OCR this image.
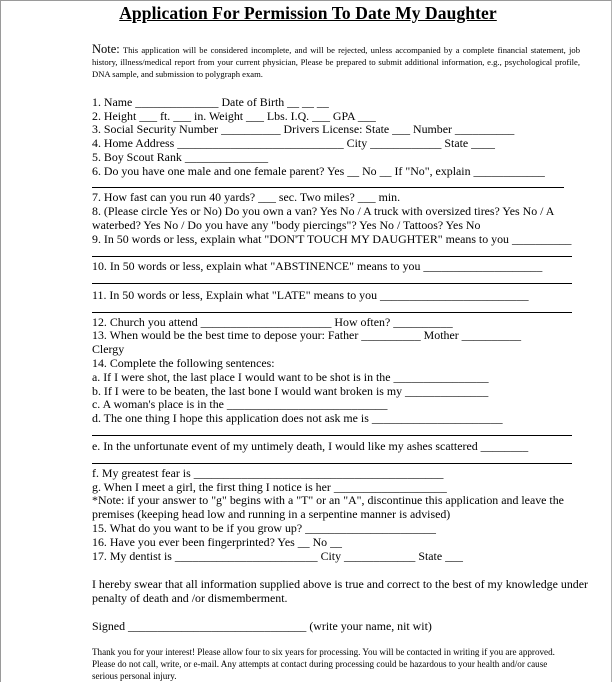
Application For Permission To Date My Daughter
Note: This application will be considered incomplete, and will be rejected, unless accompanied by a complete financial statement, job history, illness/medical report from your current physician, Please be prepared to submit additional information, e.g., psychological profile, DNA sample, and submission to polygraph exam.
1. Name ______________ Date of Birth __ __ __
2. Height ___ ft. ___ in. Weight ___ Lbs. I.Q. ___ GPA ___
3. Social Security Number __________ Drivers License: State ___ Number __________
4. Home Address ____________________________ City ____________ State ____
5. Boy Scout Rank ______________
6. Do you have one male and one female parent? Yes __ No __ If "No", explain ____________
7. How fast can you run 40 yards? ___ sec. Two miles? ___ min.
8. (Please circle Yes or No) Do you own a van? Yes No / A truck with oversized tires? Yes No / A
waterbed? Yes No / Do you have any "body piercings"? Yes No / Tattoos? Yes No
9. In 50 words or less, explain what "DON'T TOUCH MY DAUGHTER" means to you __________
10. In 50 words or less, explain what "ABSTINENCE" means to you ____________________
11. In 50 words or less, Explain what "LATE" means to you _________________________
12. Church you attend ______________________ How often? __________
13. When would be the best time to depose your: Father __________ Mother __________
Clergy
14. Complete the following sentences:
a. If I were shot, the last place I would want to be shot is in the ________________
b. If I were to be beaten, the last bone I would want broken is my ______________
c. A woman's place is in the ___________________________
d. The one thing I hope this application does not ask me is ______________________
e. In the unfortunate event of my untimely death, I would like my ashes scattered ________
f. My greatest fear is __________________________________________
g. When I meet a girl, the first thing I notice is her ___________________
*Note: if your answer to "g" begins with a "T" or an "A", discontinue this application and leave the
premises (keeping head low and running in a serpentine manner is advised)
15. What do you want to be if you grow up? ______________________
16. Have you ever been fingerprinted? Yes __ No __
17. My dentist is ________________________ City ____________ State ___
I hereby swear that all information supplied above is true and correct to the best of my knowledge under
penalty of death and /or dismemberment.
Signed ______________________________ (write your name, nit wit)
Thank you for your interest! Please allow four to six years for processing. You will be contacted in writing if you are approved. Please do not call, write, or e-mail. Any attempts at contact during processing could be hazardous to your health and/or cause serious personal injury.
